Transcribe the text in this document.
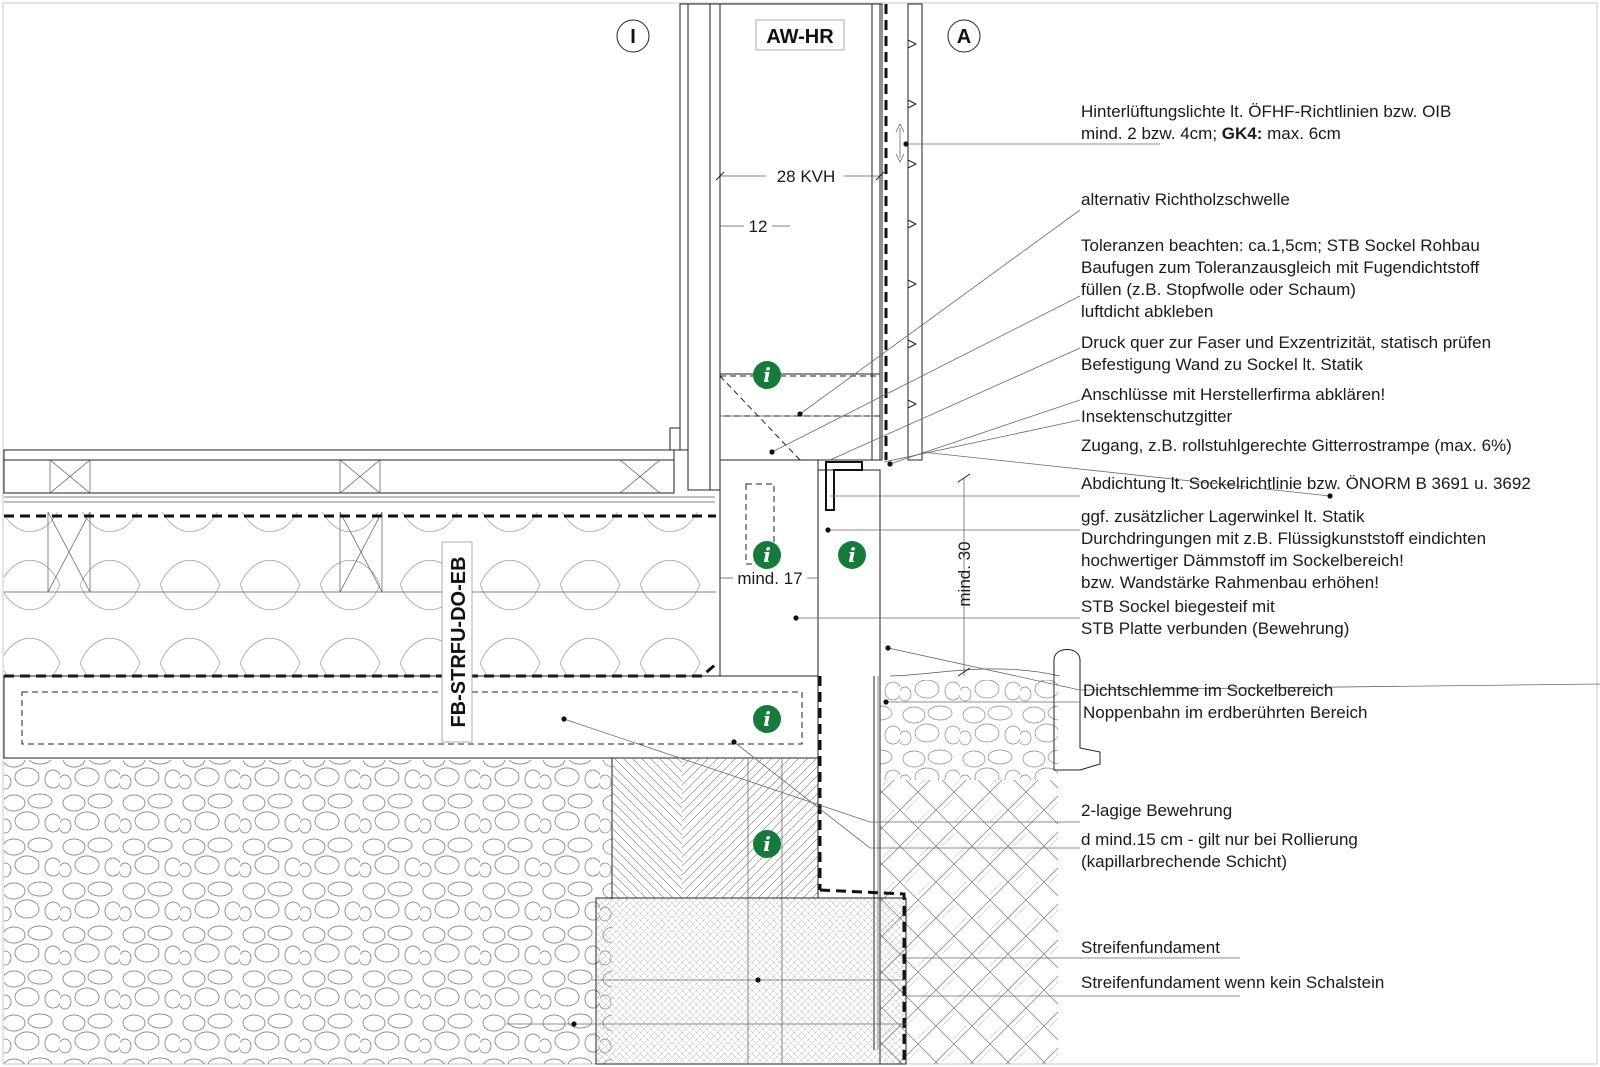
28 KVH
12
mind. 17	mind. 30
I	A
AW-HR
FB-STRFU-DO-EB
i
i	i
i
i
Hinterlüftungslichte lt. ÖFHF-Richtlinien bzw. OIB
mind. 2 bzw. 4cm; GK4: max. 6cm
alternativ Richtholzschwelle
Toleranzen beachten: ca.1,5cm; STB Sockel Rohbau
Baufugen zum Toleranzausgleich mit Fugendichtstoff
füllen (z.B. Stopfwolle oder Schaum)
luftdicht abkleben
Druck quer zur Faser und Exzentrizität, statisch prüfen
Befestigung Wand zu Sockel lt. Statik
Anschlüsse mit Herstellerfirma abklären!
Insektenschutzgitter
Zugang, z.B. rollstuhlgerechte Gitterrostrampe (max. 6%)
Abdichtung lt. Sockelrichtlinie bzw. ÖNORM B 3691 u. 3692
ggf. zusätzlicher Lagerwinkel lt. Statik
Durchdringungen mit z.B. Flüssigkunststoff eindichten
hochwertiger Dämmstoff im Sockelbereich!
bzw. Wandstärke Rahmenbau erhöhen!
STB Sockel biegesteif mit
STB Platte verbunden (Bewehrung)
Dichtschlemme im Sockelbereich
Noppenbahn im erdberührten Bereich
2-lagige Bewehrung
d mind.15 cm - gilt nur bei Rollierung
(kapillarbrechende Schicht)
Streifenfundament
Streifenfundament wenn kein Schalstein
